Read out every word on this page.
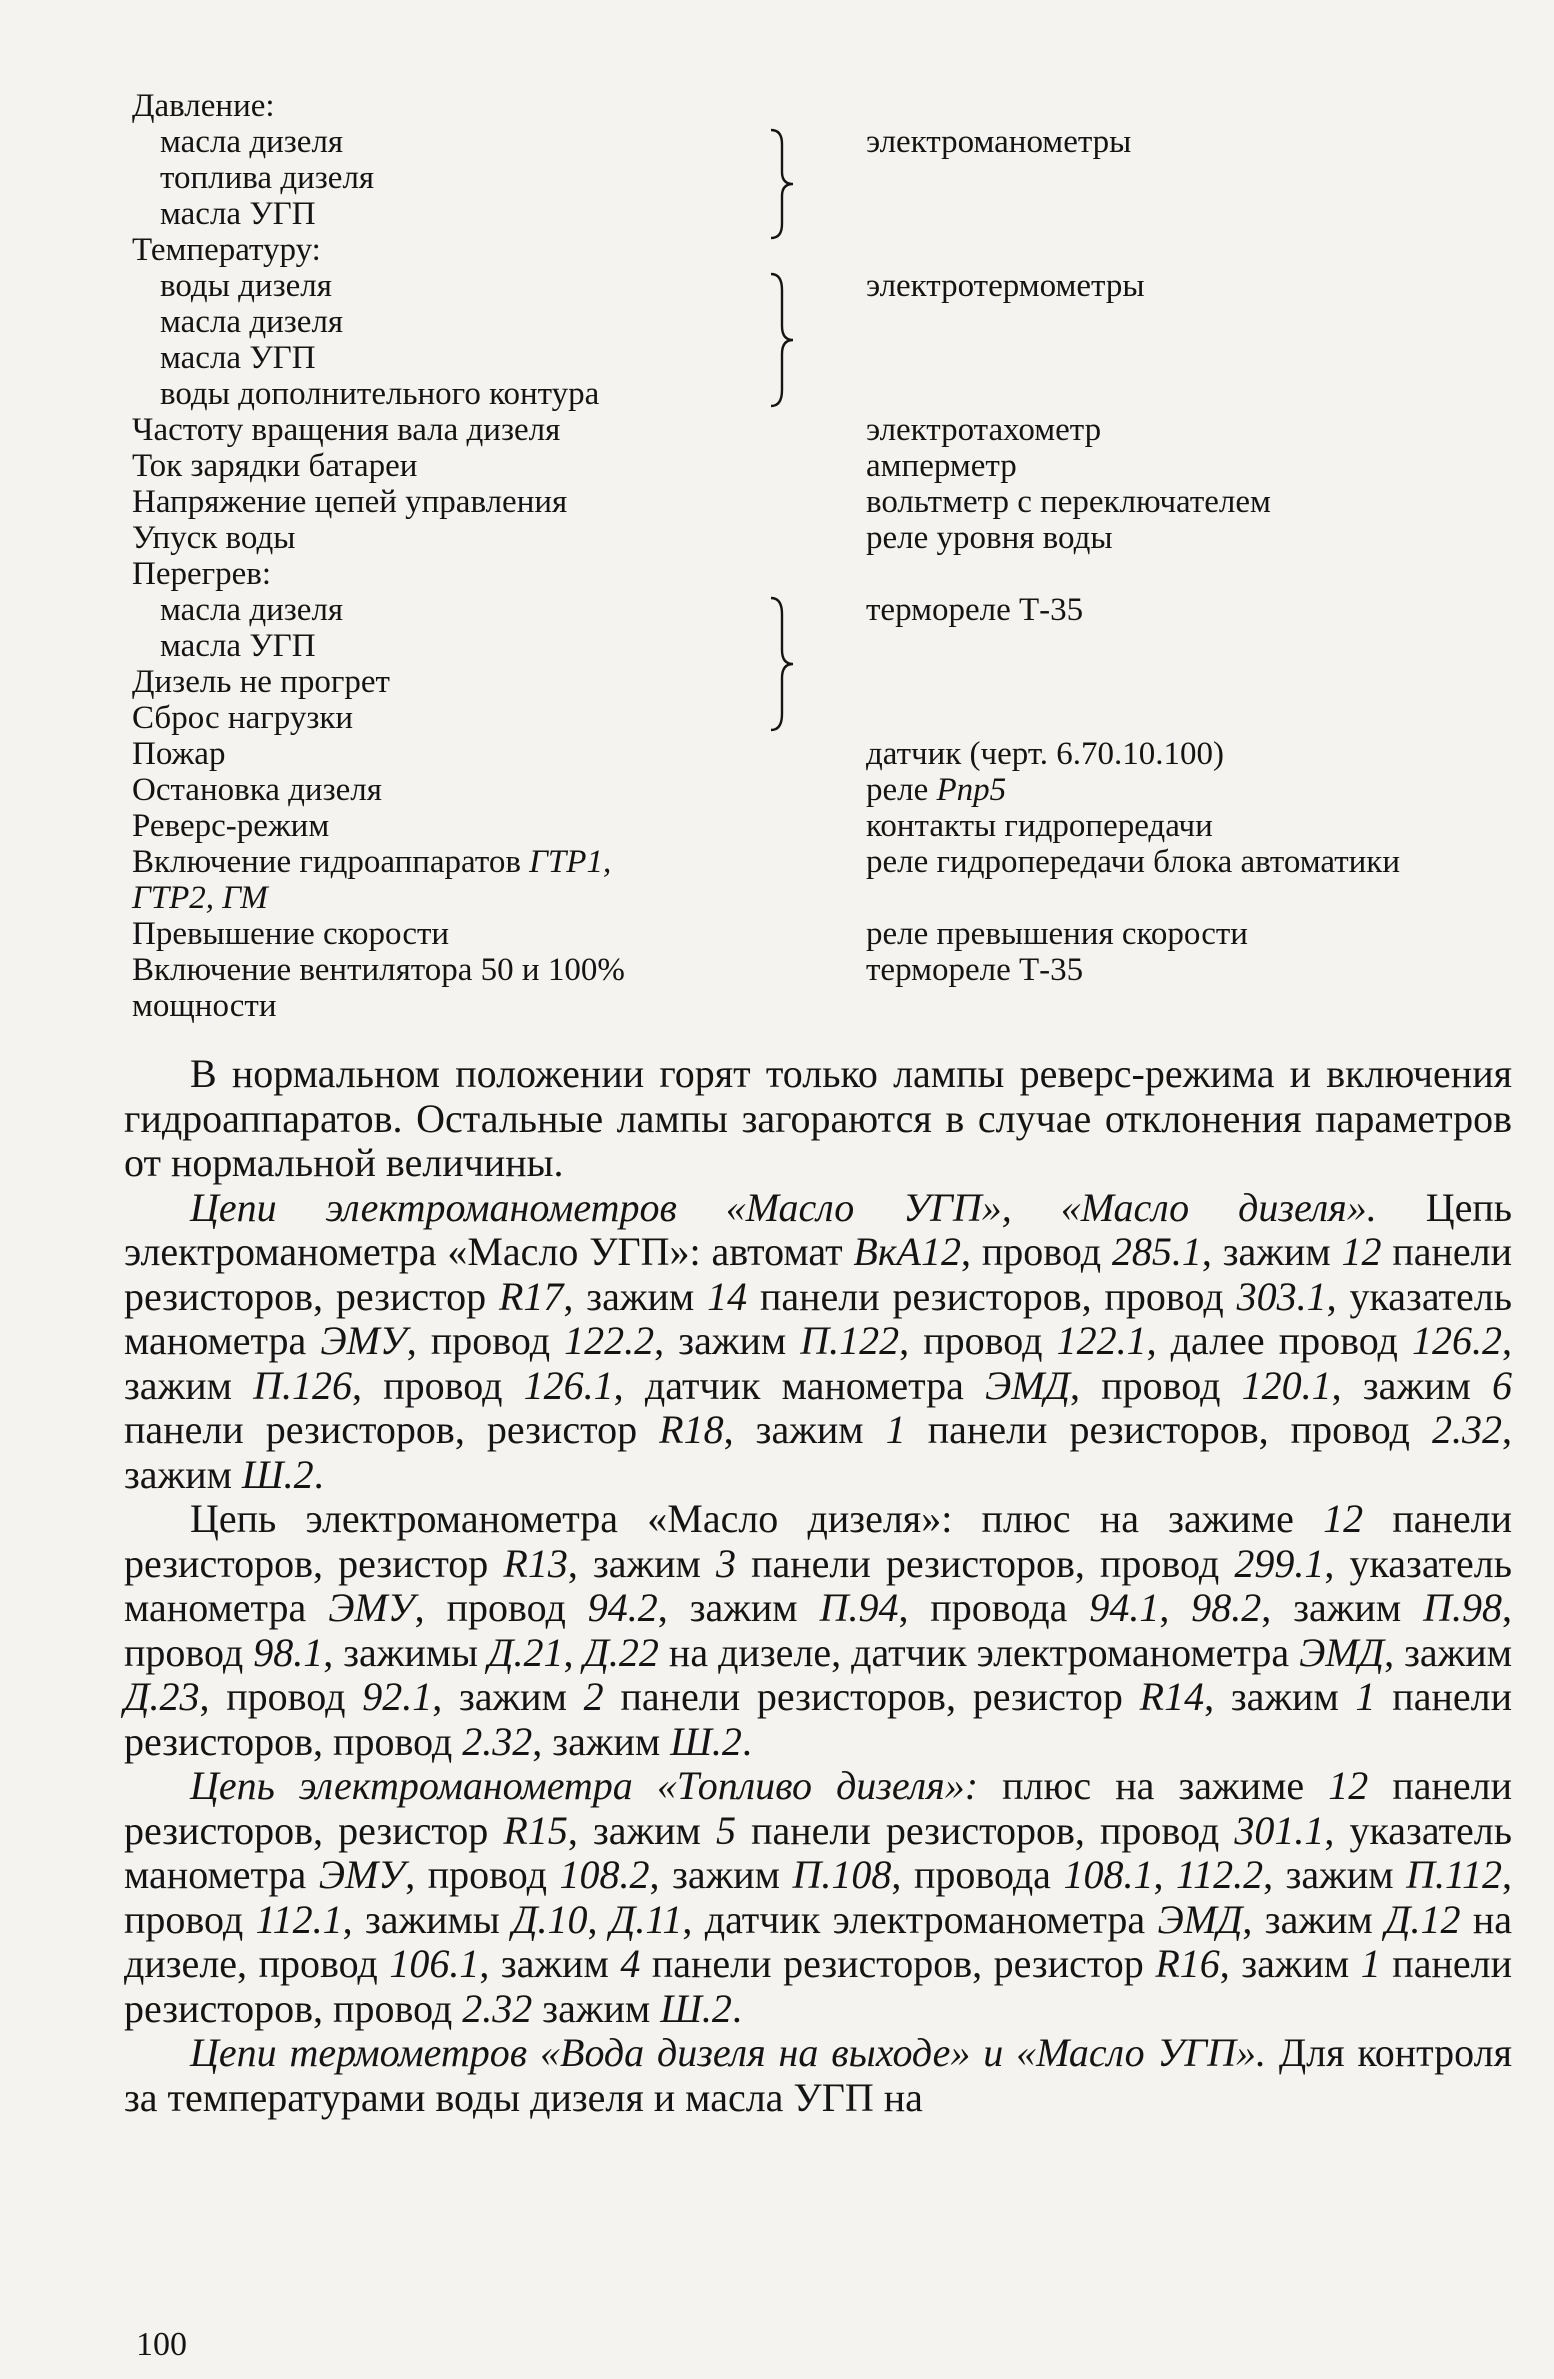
Давление:
масла дизеля
топлива дизеля
масла УГП
Температуру:
воды дизеля
масла дизеля
масла УГП
воды дополнительного контура
Частоту вращения вала дизеля
Ток зарядки батареи
Напряжение цепей управления
Упуск воды
Перегрев:
масла дизеля
масла УГП
Дизель не прогрет
Сброс нагрузки
Пожар
Остановка дизеля
Реверс-режим
Включение гидроаппаратов ГТР1,
ГТР2, ГМ
Превышение скорости
Включение вентилятора 50 и 100%
мощности
электроманометры
электротермометры
электротахометр
амперметр
вольтметр с переключателем
реле уровня воды
термореле Т-35
датчик (черт. 6.70.10.100)
реле Рпр5
контакты гидропередачи
реле гидропередачи блока автоматики
реле превышения скорости
термореле Т-35

В нормальном положении горят только лампы реверс-режима и включения гидроаппаратов. Остальные лампы загораются в случае отклонения параметров от нормальной величины.

Цепи электроманометров «Масло УГП», «Масло дизеля». Цепь электроманометра «Масло УГП»: автомат ВкА12, провод 285.1, зажим 12 панели резисторов, резистор R17, зажим 14 панели резисторов, провод 303.1, указатель манометра ЭМУ, провод 122.2, зажим П.122, провод 122.1, далее провод 126.2, зажим П.126, провод 126.1, датчик манометра ЭМД, провод 120.1, зажим 6 панели резисторов, резистор R18, зажим 1 панели резисторов, провод 2.32, зажим Ш.2.

Цепь электроманометра «Масло дизеля»: плюс на зажиме 12 панели резисторов, резистор R13, зажим 3 панели резисторов, провод 299.1, указатель манометра ЭМУ, провод 94.2, зажим П.94, провода 94.1, 98.2, зажим П.98, провод 98.1, зажимы Д.21, Д.22 на дизеле, датчик электроманометра ЭМД, зажим Д.23, провод 92.1, зажим 2 панели резисторов, резистор R14, зажим 1 панели резисторов, провод 2.32, зажим Ш.2.

Цепь электроманометра «Топливо дизеля»: плюс на зажиме 12 панели резисторов, резистор R15, зажим 5 панели резисторов, провод 301.1, указатель манометра ЭМУ, провод 108.2, зажим П.108, провода 108.1, 112.2, зажим П.112, провод 112.1, зажимы Д.10, Д.11, датчик электроманометра ЭМД, зажим Д.12 на дизеле, провод 106.1, зажим 4 панели резисторов, резистор R16, зажим 1 панели резисторов, провод 2.32 зажим Ш.2.

Цепи термометров «Вода дизеля на выходе» и «Масло УГП». Для контроля за температурами воды дизеля и масла УГП на

100
